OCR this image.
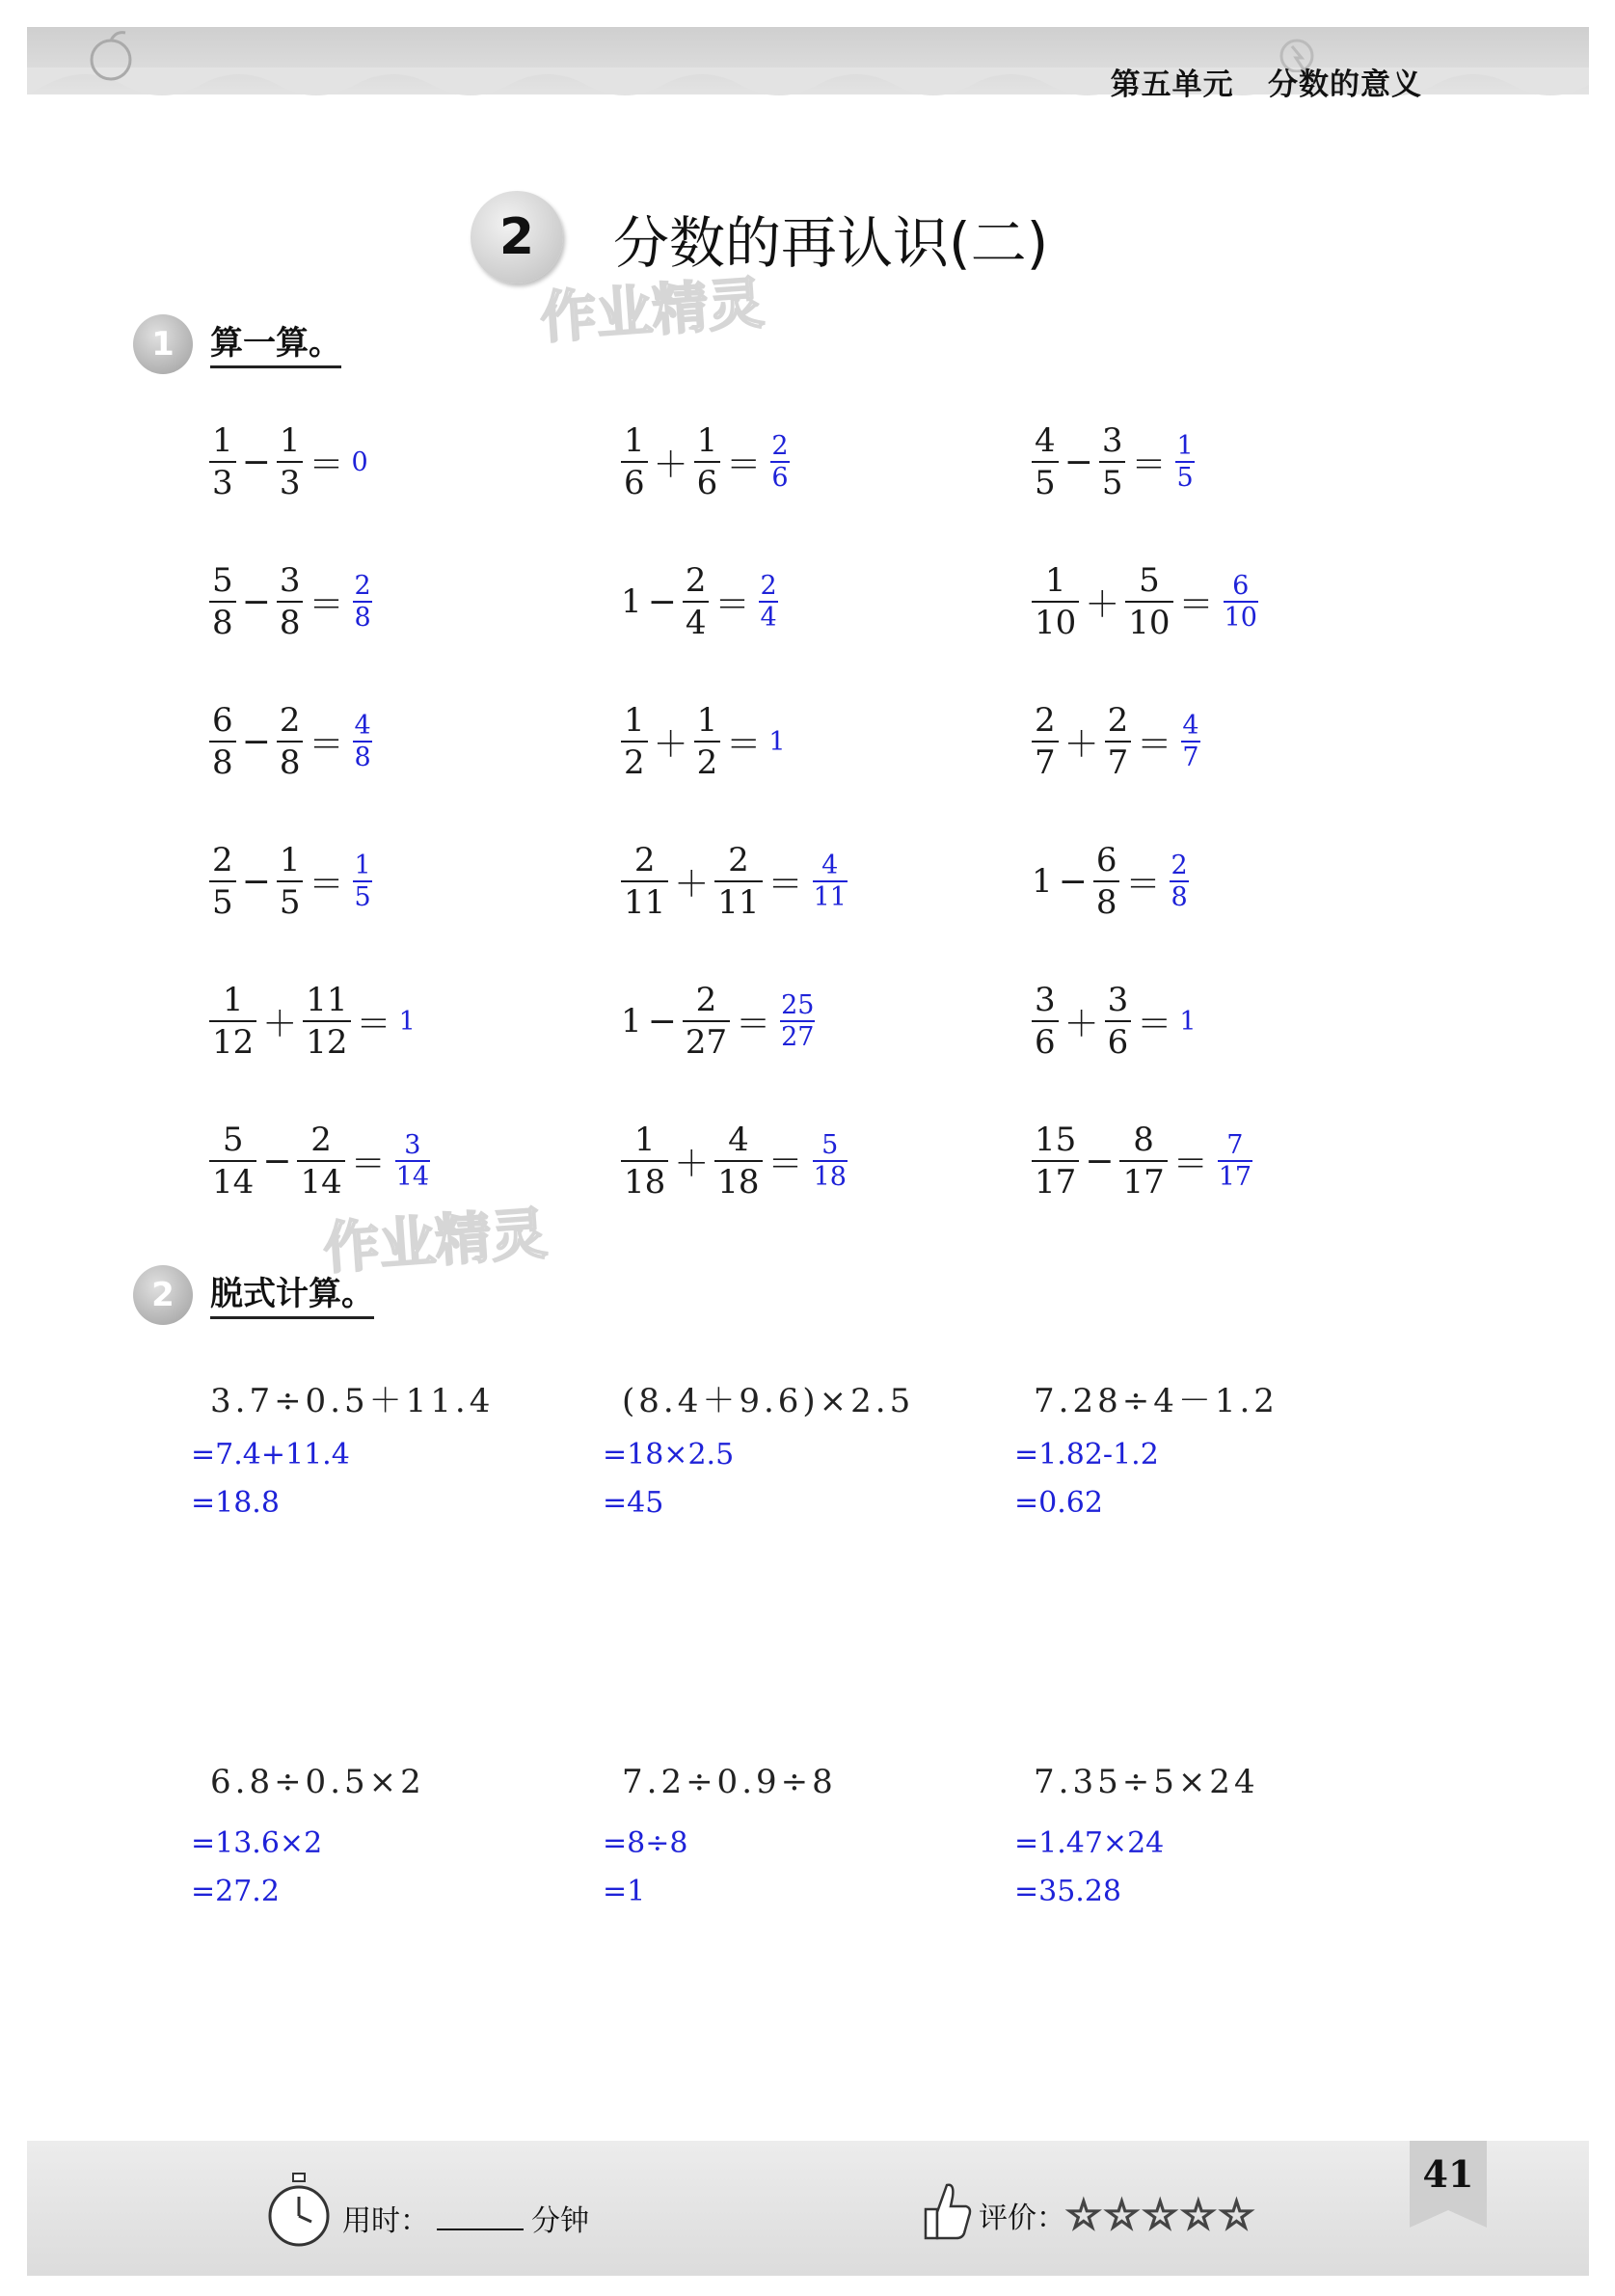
第五单元 分数的意义
2	分数的再认识(二)
作业精灵
1	算一算。
$\frac{1}{3} - \frac{1}{3} = 0$	$\frac{1}{6} + \frac{1}{6} = \frac{2}{6}$	$\frac{4}{5} - \frac{3}{5} = \frac{1}{5}$
$\frac{5}{8} - \frac{3}{8} = \frac{2}{8}$	$1 - \frac{2}{4} = \frac{2}{4}$	$\frac{1}{10} + \frac{5}{10} = \frac{6}{10}$
$\frac{6}{8} - \frac{2}{8} = \frac{4}{8}$	$\frac{1}{2} + \frac{1}{2} = 1$	$\frac{2}{7} + \frac{2}{7} = \frac{4}{7}$
$\frac{2}{5} - \frac{1}{5} = \frac{1}{5}$	$\frac{2}{11} + \frac{2}{11} = \frac{4}{11}$	$1 - \frac{6}{8} = \frac{2}{8}$
$\frac{1}{12} + \frac{11}{12} = 1$	$1 - \frac{2}{27} = \frac{25}{27}$	$\frac{3}{6} + \frac{3}{6} = 1$
$\frac{5}{14} - \frac{2}{14} = \frac{3}{14}$	$\frac{1}{18} + \frac{4}{18} = \frac{5}{18}$	$\frac{15}{17} - \frac{8}{17} = \frac{7}{17}$
作业精灵
2	脱式计算。
3.7÷0.5＋11.4
=7.4+11.4
=18.8
(8.4＋9.6)×2.5
=18×2.5
=45
7.28÷4－1.2
=1.82-1.2
=0.62
6.8÷0.5×2
=13.6×2
=27.2
7.2÷0.9÷8
=8÷8
=1
7.35÷5×24
=1.47×24
=35.28
用时：	分钟	评价： ☆☆☆☆☆
41
